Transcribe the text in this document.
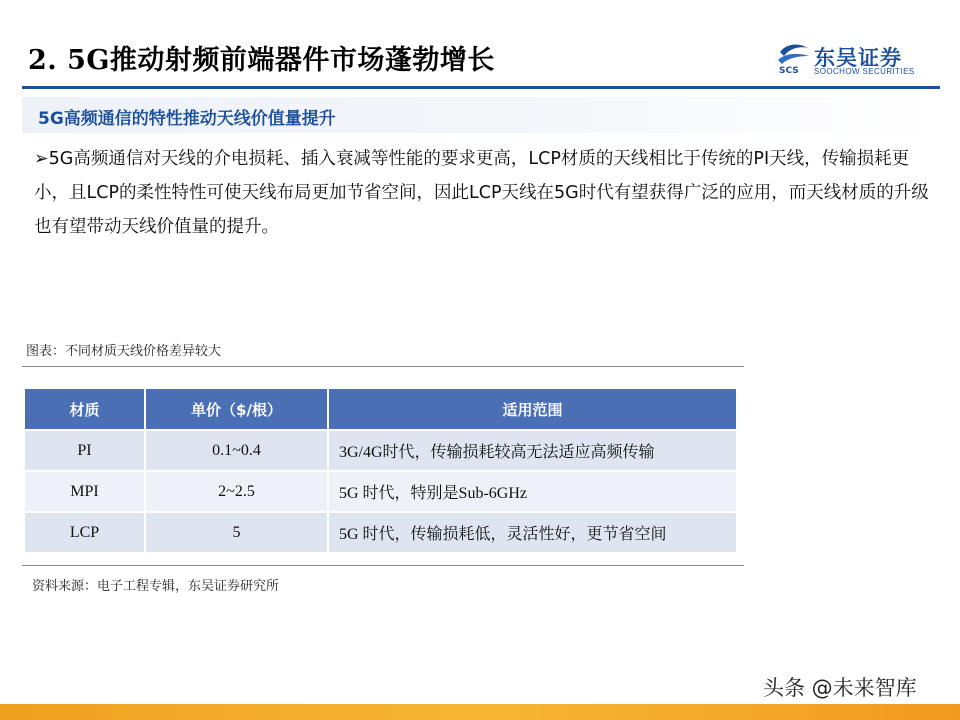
2. 5G推动射频前端器件市场蓬勃增长	SCS
东吴证券
SOOCHOW SECURITIES
5G高频通信的特性推动天线价值量提升
➢5G高频通信对天线的介电损耗、插入衰减等性能的要求更高，LCP材质的天线相比于传统的PI天线，传输损耗更小，且LCP的柔性特性可使天线布局更加节省空间，因此LCP天线在5G时代有望获得广泛的应用，而天线材质的升级也有望带动天线价值量的提升。
图表：不同材质天线价格差异较大
材质	单价（$/根）	适用范围
PI	0.1~0.4	3G/4G时代，传输损耗较高无法适应高频传输
MPI	2~2.5	5G 时代，特别是Sub-6GHz
LCP	5	5G 时代，传输损耗低，灵活性好，更节省空间
资料来源：电子工程专辑，东吴证券研究所
头条 @未来智库
